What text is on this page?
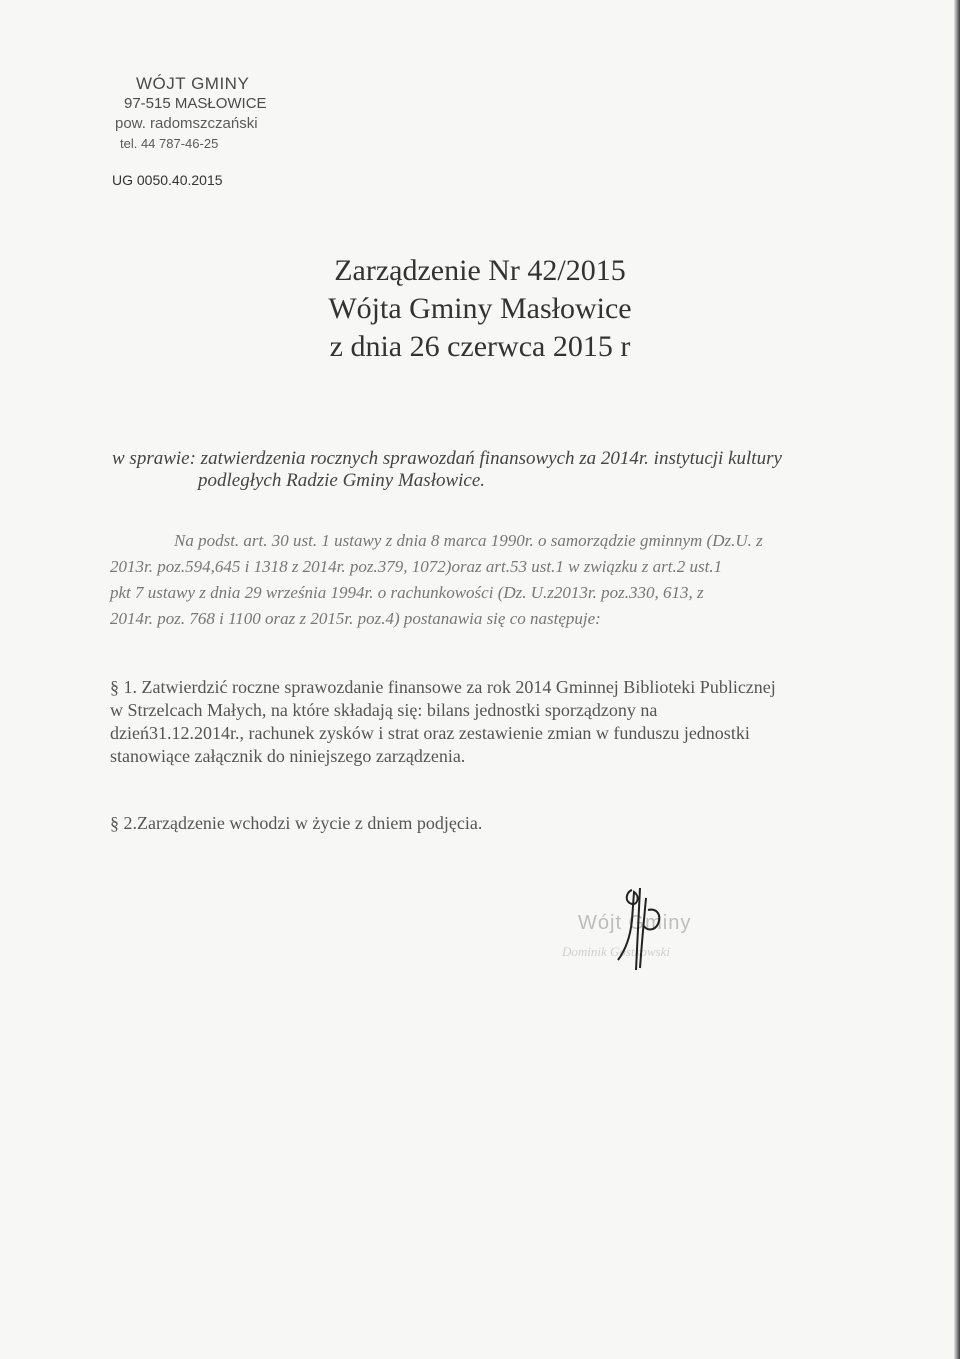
WÓJT GMINY
97-515 MASŁOWICE
pow. radomszczański
tel. 44 787-46-25
UG 0050.40.2015
Zarządzenie Nr 42/2015
Wójta Gminy Masłowice
z dnia 26 czerwca 2015 r
w sprawie: zatwierdzenia rocznych sprawozdań finansowych za 2014r. instytucji kultury
podległych Radzie Gminy Masłowice.
Na podst. art. 30 ust. 1 ustawy z dnia 8 marca 1990r. o samorządzie gminnym (Dz.U. z
2013r. poz.594,645 i 1318 z 2014r. poz.379, 1072)oraz art.53 ust.1 w związku z art.2 ust.1
pkt 7 ustawy z dnia 29 września 1994r. o rachunkowości (Dz. U.z2013r. poz.330, 613, z
2014r. poz. 768 i 1100 oraz z 2015r. poz.4) postanawia się co następuje:
§ 1. Zatwierdzić roczne sprawozdanie finansowe za rok 2014 Gminnej Biblioteki Publicznej
w Strzelcach Małych, na które składają się: bilans jednostki sporządzony na
dzień31.12.2014r., rachunek zysków i strat oraz zestawienie zmian w funduszu jednostki
stanowiące załącznik do niniejszego zarządzenia.
§ 2.Zarządzenie wchodzi w życie z dniem podjęcia.
Wójt Gminy
Dominik Gostkowski
